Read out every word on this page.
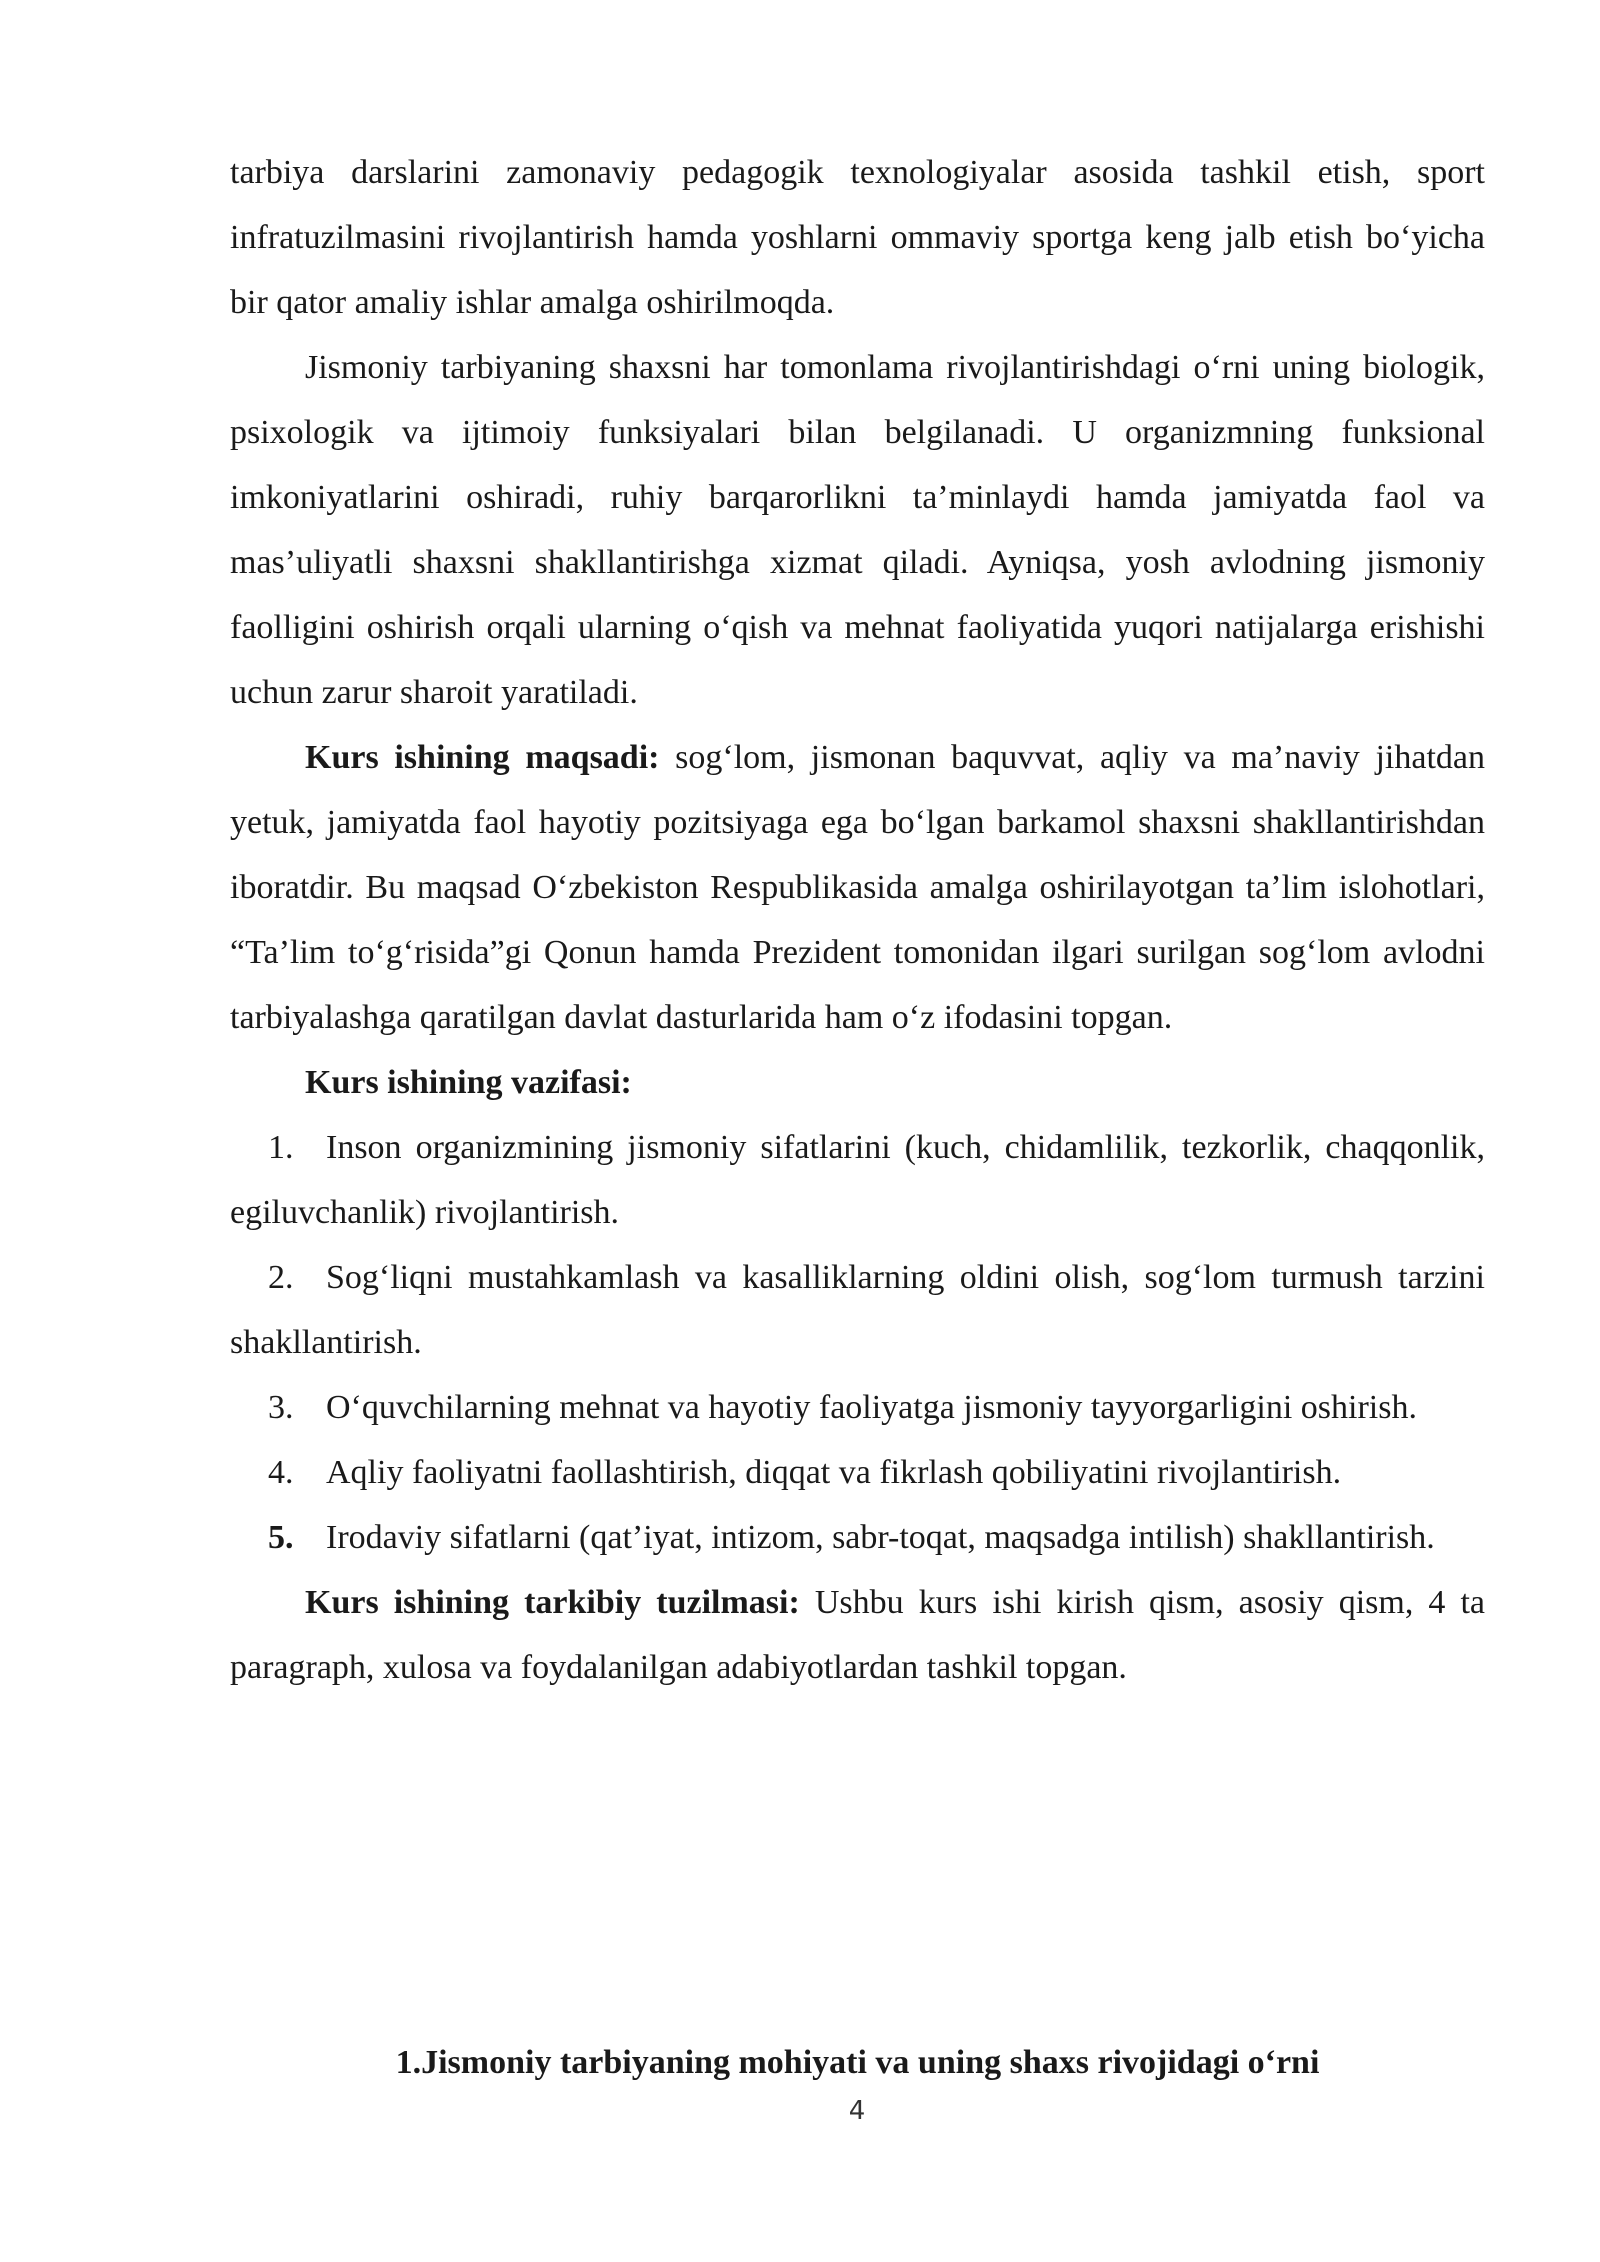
tarbiya darslarini zamonaviy pedagogik texnologiyalar asosida tashkil etish, sport infratuzilmasini rivojlantirish hamda yoshlarni ommaviy sportga keng jalb etish bo‘yicha bir qator amaliy ishlar amalga oshirilmoqda.

Jismoniy tarbiyaning shaxsni har tomonlama rivojlantirishdagi o‘rni uning biologik, psixologik va ijtimoiy funksiyalari bilan belgilanadi. U organizmning funksional imkoniyatlarini oshiradi, ruhiy barqarorlikni ta’minlaydi hamda jamiyatda faol va mas’uliyatli shaxsni shakllantirishga xizmat qiladi. Ayniqsa, yosh avlodning jismoniy faolligini oshirish orqali ularning o‘qish va mehnat faoliyatida yuqori natijalarga erishishi uchun zarur sharoit yaratiladi.

Kurs ishining maqsadi: sog‘lom, jismonan baquvvat, aqliy va ma’naviy jihatdan yetuk, jamiyatda faol hayotiy pozitsiyaga ega bo‘lgan barkamol shaxsni shakllantirishdan iboratdir. Bu maqsad O‘zbekiston Respublikasida amalga oshirilayotgan ta’lim islohotlari, “Ta’lim to‘g‘risida”gi Qonun hamda Prezident tomonidan ilgari surilgan sog‘lom avlodni tarbiyalashga qaratilgan davlat dasturlarida ham o‘z ifodasini topgan.

Kurs ishining vazifasi:

1. Inson organizmining jismoniy sifatlarini (kuch, chidamlilik, tezkorlik, chaqqonlik, egiluvchanlik) rivojlantirish.

2. Sog‘liqni mustahkamlash va kasalliklarning oldini olish, sog‘lom turmush tarzini shakllantirish.

3. O‘quvchilarning mehnat va hayotiy faoliyatga jismoniy tayyorgarligini oshirish.

4. Aqliy faoliyatni faollashtirish, diqqat va fikrlash qobiliyatini rivojlantirish.

5. Irodaviy sifatlarni (qat’iyat, intizom, sabr-toqat, maqsadga intilish) shakllantirish.

Kurs ishining tarkibiy tuzilmasi: Ushbu kurs ishi kirish qism, asosiy qism, 4 ta paragraph, xulosa va foydalanilgan adabiyotlardan tashkil topgan.

1.Jismoniy tarbiyaning mohiyati va uning shaxs rivojidagi o‘rni

4
